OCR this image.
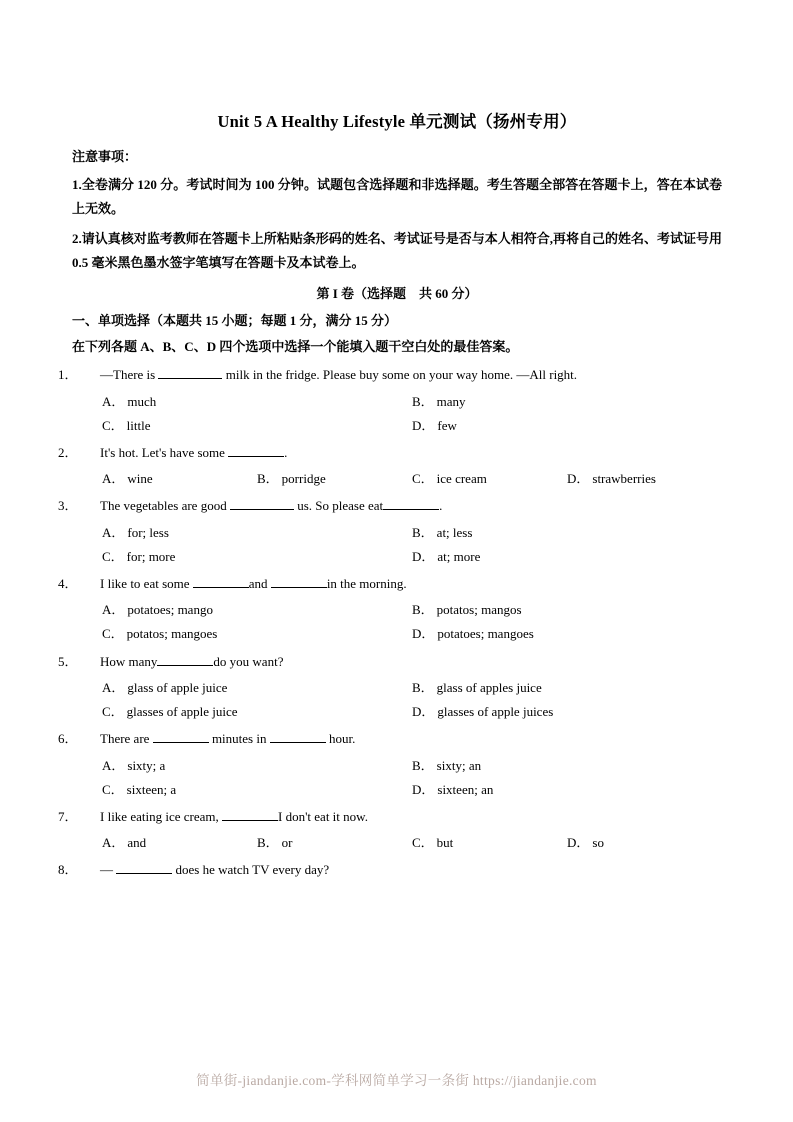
Unit 5 A Healthy Lifestyle 单元测试（扬州专用）
注意事项：

1.全卷满分 120 分。考试时间为 100 分钟。试题包含选择题和非选择题。考生答题全部答在答题卡上，答在本试卷上无效。

2.请认真核对监考教师在答题卡上所粘贴条形码的姓名、考试证号是否与本人相符合,再将自己的姓名、考试证号用 0.5 毫米黑色墨水签字笔填写在答题卡及本试卷上。

第 I 卷（选择题　共 60 分）
一、单项选择（本题共 15 小题；每题 1 分，满分 15 分）
在下列各题 A、B、C、D 四个选项中选择一个能填入题干空白处的最佳答案。
1． —There is	milk in the fridge. Please buy some on your way home. —All right.
A． much	B． many
C． little	D． few
2． It's hot. Let's have some	.
A． wine	B． porridge	C． ice cream	D． strawberries
3． The vegetables are good	us. So please eat	.
A． for; less	B． at; less
C． for; more	D． at; more
4． I like to eat some	and	in the morning.
A． potatoes; mango	B． potatos; mangos
C． potatos; mangoes	D． potatoes; mangoes
5． How many	do you want?
A． glass of apple juice	B． glass of apples juice
C． glasses of apple juice	D． glasses of apple juices
6． There are	minutes in	hour.
A． sixty; a	B． sixty; an
C． sixteen; a	D． sixteen; an
7． I like eating ice cream,	I don't eat it now.
A． and	B． or	C． but	D． so
8． —	does he watch TV every day?
简单街-jiandanjie.com-学科网简单学习一条街 https://jiandanjie.com
